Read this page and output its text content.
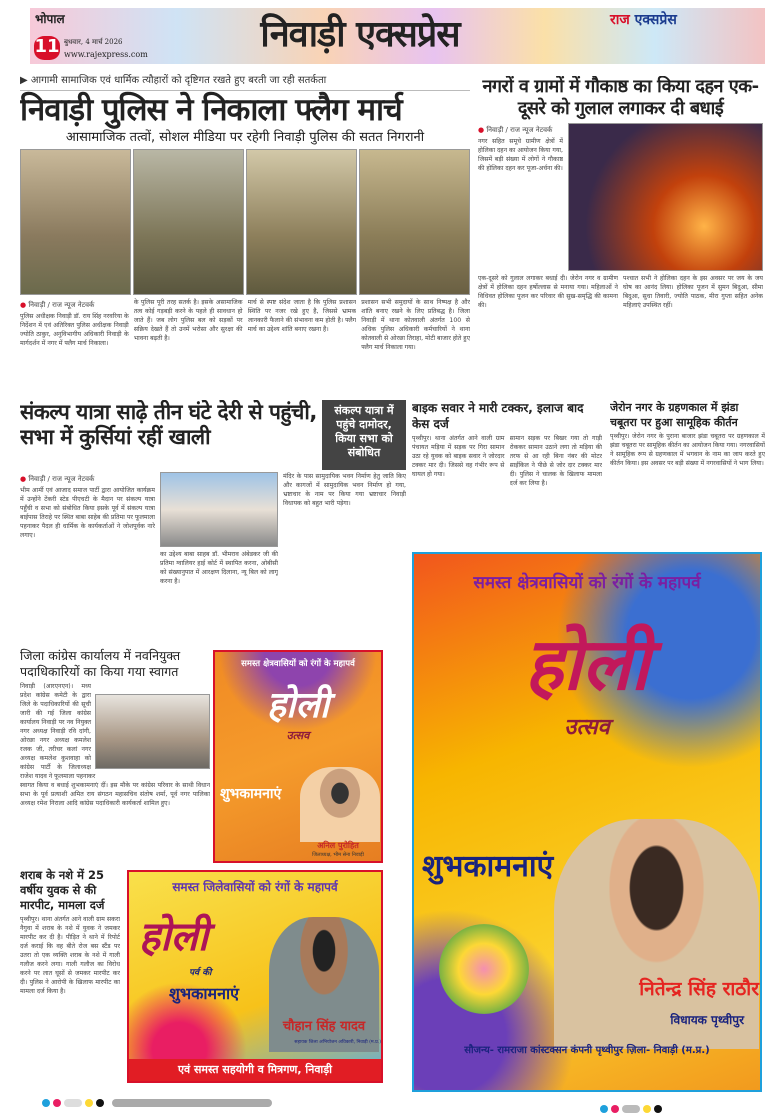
भोपाल
11 बुधवार, 4 मार्च 2026
www.rajexpress.com	निवाड़ी एक्सप्रेस	राज एक्सप्रेस
▶ आगामी सामाजिक एवं धार्मिक त्यौहारों को दृष्टिगत रखते हुए बरती जा रही सतर्कता
निवाड़ी पुलिस ने निकाला फ्लैग मार्च
आसामाजिक तत्वों, सोशल मीडिया पर रहेगी निवाड़ी पुलिस की सतत निगरानी
● निवाड़ी / राज न्यूज नेटवर्क
पुलिस अधीक्षक निवाड़ी डॉ. राय सिंह नरवरिया के निर्देशन में एवं अतिरिक्त पुलिस अधीक्षक निवाड़ी ज्योति ठाकुर, अनुविभागीय अधिकारी निवाड़ी के मार्गदर्शन में नगर में फ्लैग मार्च निकाला।
के पुलिस पूरी तरह सतर्क है। इसके असामाजिक तत्व कोई गड़बड़ी करने के पहले ही सावधान हो जाते हैं। जब लोग पुलिस बल को सड़कों पर सक्रिय देखते हैं तो उनमें भरोसा और सुरक्षा की भावना बढ़ती है।
मार्च से स्पष्ट संदेश जाता है कि पुलिस प्रशासन स्थिति पर नजर रखे हुए है, जिससे भ्रामक जानकारी फैलाने की संभावना कम होती है। फ्लैग मार्च का उद्देश्य शांति बनाए रखना है।
प्रशासन सभी समुदायों के साथ निष्पक्ष है और शांति बनाए रखने के लिए प्रतिबद्ध है। जिला निवाड़ी में थाना कोतवाली अंतर्गत 100 से अधिक पुलिस अधिकारी कर्मचारियों ने थाना कोतवाली से ओरछा तिराहा, मोटी बाजार होते हुए फ्लैग मार्च निकाला गया।
नगरों व ग्रामों में गौकाष्ठ का किया दहन एक-दूसरे को गुलाल लगाकर दी बधाई
● निवाड़ी / राज न्यूज नेटवर्क
नगर सहित समूचे ग्रामीण क्षेत्रों में होलिका दहन का आयोजन किया गया, जिसमें बड़ी संख्या में लोगों ने गौकाष्ठ की होलिका दहन कर पूजा-अर्चना की।
एक-दूसरे को गुलाल लगाकर बधाई दी। जेरोन नगर व ग्रामीण क्षेत्रों में होलिका दहन हर्षोल्लास से मनाया गया। महिलाओं ने विधिवत होलिका पूजन कर परिवार की सुख-समृद्धि की कामना की।
पश्चात सभी ने होलिका दहन के इस अवसर पर जय के जय घोष का आनंद लिया। होलिका पूजन में सुमन बिदुआ, सीमा बिदुआ, सुधा तिवारी, ज्योति पाठक, मीरा गुप्ता सहित अनेक महिलाएं उपस्थित रहीं।
संकल्प यात्रा साढ़े तीन घंटे देरी से पहुंची, सभा में कुर्सियां रहीं खाली
संकल्प यात्रा में पहुंचे दामोदर, किया सभा को संबोधित
● निवाड़ी / राज न्यूज नेटवर्क
भीम आर्मी एवं आजाद समाज पार्टी द्वारा आयोजित कार्यक्रम में उन्होंने टेंकरी स्टेड पीएचटी के मैदान पर संकल्प यात्रा पहुँची व सभा को संबोधित किया इसके पूर्व में संकल्प यात्रा बाईपास तिराहे पर स्थित बाबा साहेब की प्रतिमा पर फूलमाला पहनाकर पैदल ही धार्मिक के कार्यकर्ताओं ने जोशपूर्वक नारे लगाए।
का उद्देश्य बाबा साहब डॉ. भीमराव अंबेडकर जी की प्रतिमा ग्वालियर हाई कोर्ट में स्थापित करना, ओबीसी को संख्यानुपात में आरक्षण दिलाना, न्यू बिल को लागू करना है।
मंदिर के पास सामुदायिक भवन निर्माण हेतु जाति किए और कागजों में सामुदायिक भवन निर्माण हो गया, भ्रष्टाचार के नाम पर किया गया भ्रष्टाचार निवाड़ी विधायक को बहुत भारी पड़ेगा।
बाइक सवार ने मारी टक्कर, इलाज बाद केस दर्ज
पृथ्वीपुर। थाना अंतर्गत आने वाली ग्राम पंचायत मड़िया में सड़क पर गिरा सामान उठा रहे युवक को बाइक सवार ने जोरदार टक्कर मार दी। जिससे वह गंभीर रूप से घायल हो गया।
सामान सड़क पर बिखर गया तो गाड़ी रोककर सामान उठाने लगा तो मड़िया की तरफ से आ रही बिना नंबर की मोटर साईकिल ने पीछे से जोर दार टक्कर मार दी। पुलिस ने चालक के खिलाफ मामला दर्ज कर लिया है।
जेरोन नगर के ग्रहणकाल में झंडा चबूतरा पर हुआ सामूहिक कीर्तन
पृथ्वीपुर। जेरोन नगर के पुराना बाजार झंडा चबूतरा पर ग्रहणकाल में झंडा चबूतरा पर सामूहिक कीर्तन का आयोजन किया गया। नगरवासियों ने सामूहिक रूप से ग्रहणकाल में भगवान के नाम का जाप करते हुए कीर्तन किया। इस अवसर पर बड़ी संख्या में नगरवासियों ने भाग लिया।
समस्त क्षेत्रवासियों को रंगों के महापर्व
होली
उत्सव
शुभकामनाएं
नितेन्द्र सिंह राठौर
विधायक पृथ्वीपुर
सौजन्य- रामराजा कांस्टक्सन कंपनी पृथ्वीपुर ज़िला- निवाड़ी (म.प्र.)
जिला कांग्रेस कार्यालय में नवनियुक्त पदाधिकारियों का किया गया स्वागत
निवाड़ी (आरएनएन)। मध्य प्रदेश कांग्रेस कमेटी के द्वारा जिले के पदाधिकारियों की सूची जारी की गई जिला कांग्रेस कार्यालय निवाड़ी पर नव नियुक्त नगर अध्यक्ष निवाड़ी रवि दांगी, ओरछा नगर अध्यक्ष कमलेश रजक जी, तरीचर कलां नगर अध्यक्ष कमलेश कुशवाहा को कांग्रेस पार्टी के जिलाध्यक्ष राजेश यादव ने फूलमाला पहनाकर
स्वागत किया व बधाई शुभकामनाएं दीं। इस मौके पर कांग्रेस परिवार के साथी विधान सभा के पूर्व प्रत्याशी अमित राय संगठन महासचिव संतोष शर्मा, पूर्व नगर पालिका अध्यक्ष रमेश निराला आदि कांग्रेस पदाधिकारी कार्यकर्ता शामिल हुए।
समस्त क्षेत्रवासियों को रंगों के महापर्व
होली
उत्सव
शुभकामनाएं
अनिल पुरोहित
जिलाध्यक्ष, भीम सेना निवाड़ी
शराब के नशे में 25 वर्षीय युवक से की मारपीट, मामला दर्ज
पृथ्वीपुर। थाना अंतर्गत आने वाली ग्राम सकरा नैगुवा में शराब के नशे में युवक ने जमकर मारपीट कर दी है। पीड़ित ने थाने में रिपोर्ट दर्ज कराई कि वह बीते रोज बस स्टैंड पर उतरा तो एक व्यक्ति शराब के नशे में गाली गलौज करने लगा। गाली गलौज का विरोध करने पर लात घूसों से जमकर मारपीट कर दी। पुलिस ने आरोपी के खिलाफ मारपीट का मामला दर्ज किया है।
समस्त जिलेवासियों को रंगों के महापर्व
होली
पर्व की
शुभकामनाएं
चौहान सिंह यादव
सहायक जिला अभियोजन अधिकारी, निवाड़ी (म.प्र.)
एवं समस्त सहयोगी व मित्रगण, निवाड़ी
